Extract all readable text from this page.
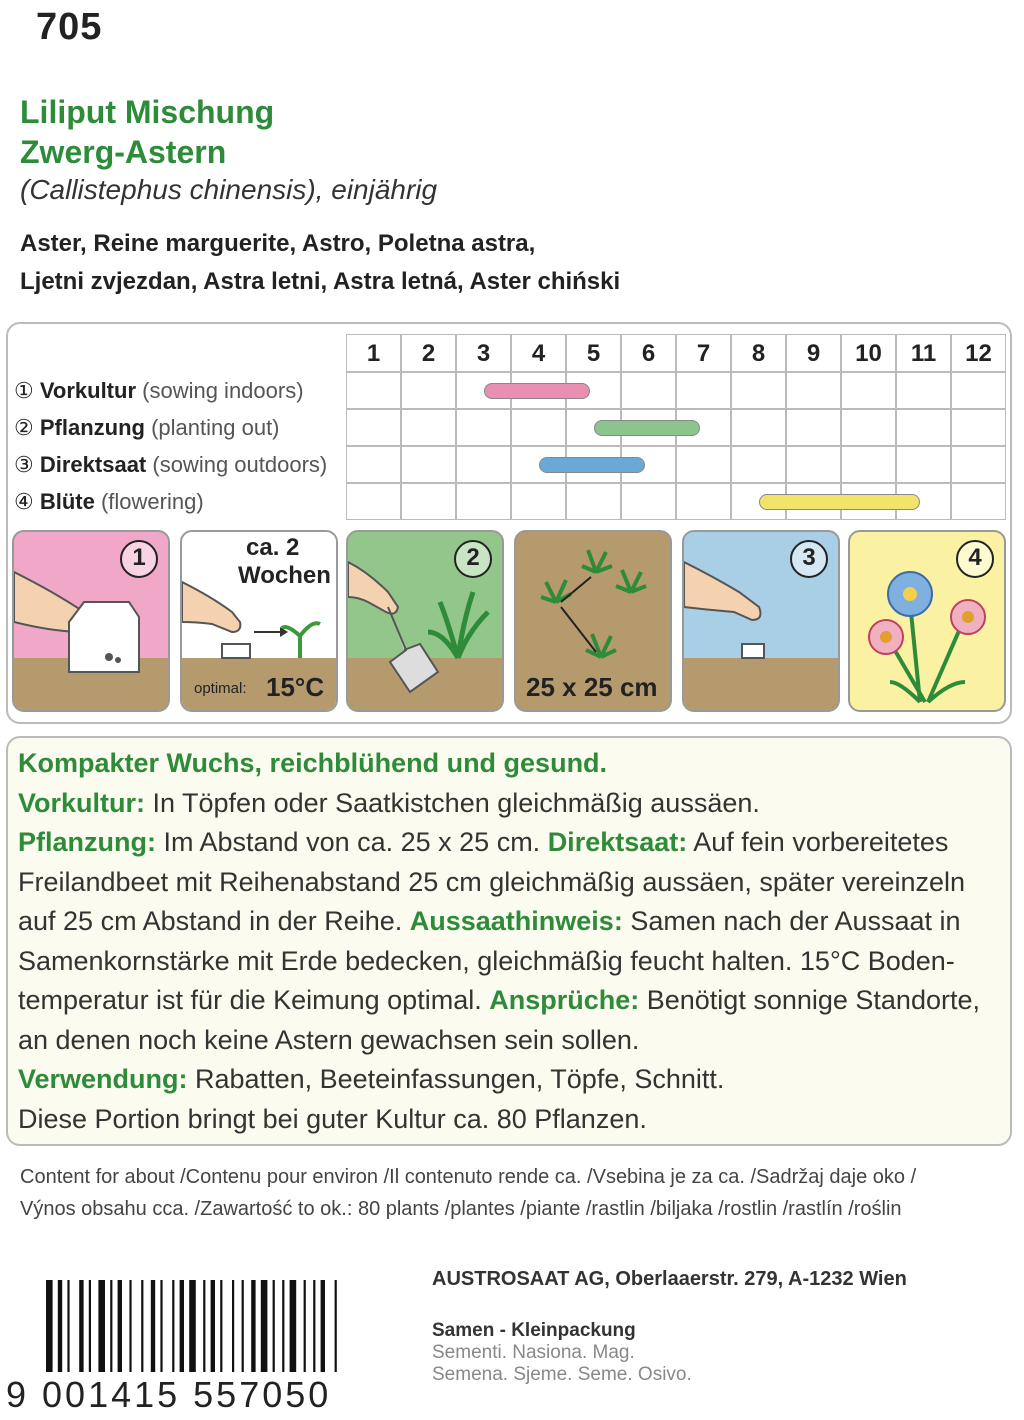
705
Liliput Mischung
Zwerg-Astern
(Callistephus chinensis), einjährig
Aster, Reine marguerite, Astro, Poletna astra,
Ljetni zvjezdan, Astra letni, Astra letná, Aster chiński
1	2	3	4	5	6	7	8	9	10	11	12
① Vorkultur (sowing indoors)
② Pflanzung (planting out)
③ Direktsaat (sowing outdoors)
④ Blüte (flowering)
1	ca. 2
Wochen
optimal: 15°C
2
25 x 25 cm
3	4
Kompakter Wuchs, reichblühend und gesund.
Vorkultur: In Töpfen oder Saatkistchen gleichmäßig aussäen.
Pflanzung: Im Abstand von ca. 25 x 25 cm. Direktsaat: Auf fein vorbereitetes Freilandbeet mit Reihenabstand 25 cm gleichmäßig aussäen, später vereinzeln auf 25 cm Abstand in der Reihe. Aussaathinweis: Samen nach der Aussaat in Samenkornstärke mit Erde bedecken, gleichmäßig feucht halten. 15°C Boden-temperatur ist für die Keimung optimal. Ansprüche: Benötigt sonnige Standorte, an denen noch keine Astern gewachsen sein sollen.
Verwendung: Rabatten, Beeteinfassungen, Töpfe, Schnitt.
Diese Portion bringt bei guter Kultur ca. 80 Pflanzen.
Content for about /Contenu pour environ /Il contenuto rende ca. /Vsebina je za ca. /Sadržaj daje oko /
Výnos obsahu cca. /Zawartość to ok.: 80 plants /plantes /piante /rastlin /biljaka /rostlin /rastlín /roślin
9 001415 557050
AUSTROSAAT AG, Oberlaaerstr. 279, A-1232 Wien
Samen - Kleinpackung
Sementi. Nasiona. Mag.
Semena. Sjeme. Seme. Osivo.
